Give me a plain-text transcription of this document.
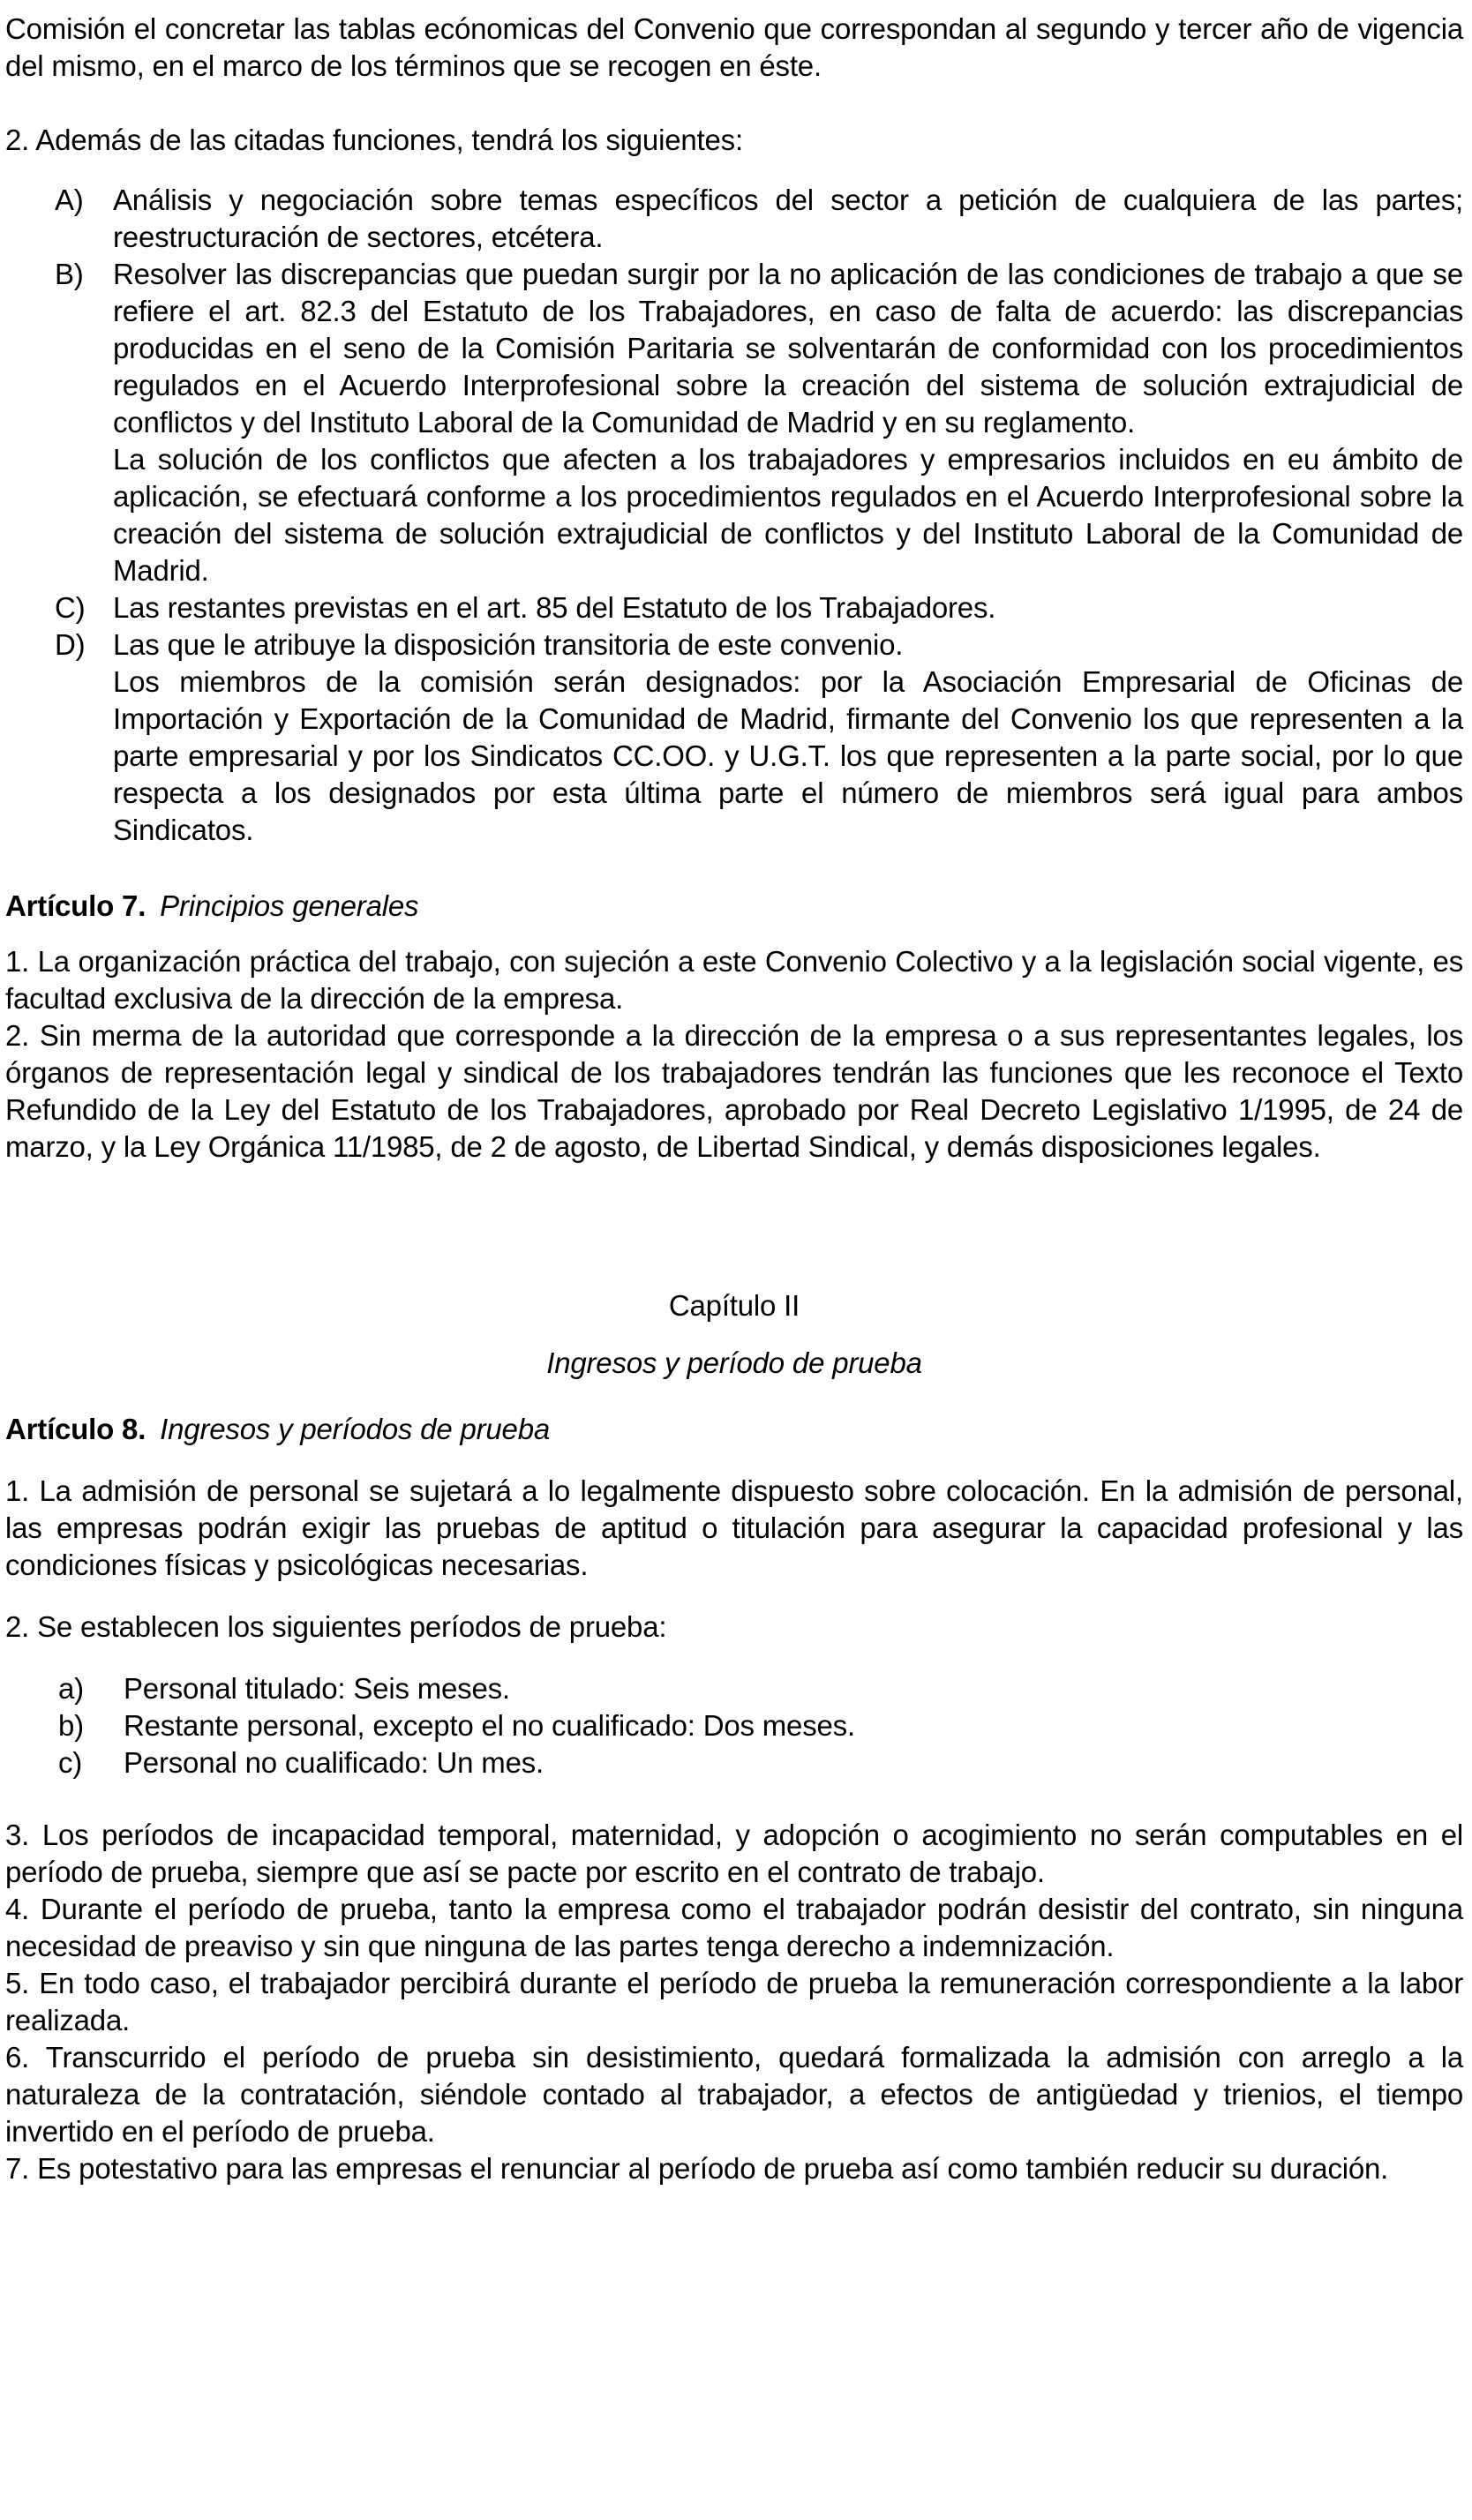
Comisión el concretar las tablas ecónomicas del Convenio que correspondan al segundo y tercer año de vigencia del mismo, en el marco de los términos que se recogen en éste.

2. Además de las citadas funciones, tendrá los siguientes:

A) Análisis y negociación sobre temas específicos del sector a petición de cualquiera de las partes; reestructuración de sectores, etcétera.

B) Resolver las discrepancias que puedan surgir por la no aplicación de las condiciones de trabajo a que se refiere el art. 82.3 del Estatuto de los Trabajadores, en caso de falta de acuerdo: las discrepancias producidas en el seno de la Comisión Paritaria se solventarán de conformidad con los procedimientos regulados en el Acuerdo Interprofesional sobre la creación del sistema de solución extrajudicial de conflictos y del Instituto Laboral de la Comunidad de Madrid y en su reglamento.

La solución de los conflictos que afecten a los trabajadores y empresarios incluidos en eu ámbito de aplicación, se efectuará conforme a los procedimientos regulados en el Acuerdo Interprofesional sobre la creación del sistema de solución extrajudicial de conflictos y del Instituto Laboral de la Comunidad de Madrid.

C) Las restantes previstas en el art. 85 del Estatuto de los Trabajadores.

D) Las que le atribuye la disposición transitoria de este convenio.

Los miembros de la comisión serán designados: por la Asociación Empresarial de Oficinas de Importación y Exportación de la Comunidad de Madrid, firmante del Convenio los que representen a la parte empresarial y por los Sindicatos CC.OO. y U.G.T. los que representen a la parte social, por lo que respecta a los designados por esta última parte el número de miembros será igual para ambos Sindicatos.

Artículo 7. Principios generales

1. La organización práctica del trabajo, con sujeción a este Convenio Colectivo y a la legislación social vigente, es facultad exclusiva de la dirección de la empresa.

2. Sin merma de la autoridad que corresponde a la dirección de la empresa o a sus representantes legales, los órganos de representación legal y sindical de los trabajadores tendrán las funciones que les reconoce el Texto Refundido de la Ley del Estatuto de los Trabajadores, aprobado por Real Decreto Legislativo 1/1995, de 24 de marzo, y la Ley Orgánica 11/1985, de 2 de agosto, de Libertad Sindical, y demás disposiciones legales.

Capítulo II

Ingresos y período de prueba

Artículo 8. Ingresos y períodos de prueba

1. La admisión de personal se sujetará a lo legalmente dispuesto sobre colocación. En la admisión de personal, las empresas podrán exigir las pruebas de aptitud o titulación para asegurar la capacidad profesional y las condiciones físicas y psicológicas necesarias.

2. Se establecen los siguientes períodos de prueba:

a) Personal titulado: Seis meses.

b) Restante personal, excepto el no cualificado: Dos meses.

c) Personal no cualificado: Un mes.

3. Los períodos de incapacidad temporal, maternidad, y adopción o acogimiento no serán computables en el período de prueba, siempre que así se pacte por escrito en el contrato de trabajo.

4. Durante el período de prueba, tanto la empresa como el trabajador podrán desistir del contrato, sin ninguna necesidad de preaviso y sin que ninguna de las partes tenga derecho a indemnización.

5. En todo caso, el trabajador percibirá durante el período de prueba la remuneración correspondiente a la labor realizada.

6. Transcurrido el período de prueba sin desistimiento, quedará formalizada la admisión con arreglo a la naturaleza de la contratación, siéndole contado al trabajador, a efectos de antigüedad y trienios, el tiempo invertido en el período de prueba.

7. Es potestativo para las empresas el renunciar al período de prueba así como también reducir su duración.
